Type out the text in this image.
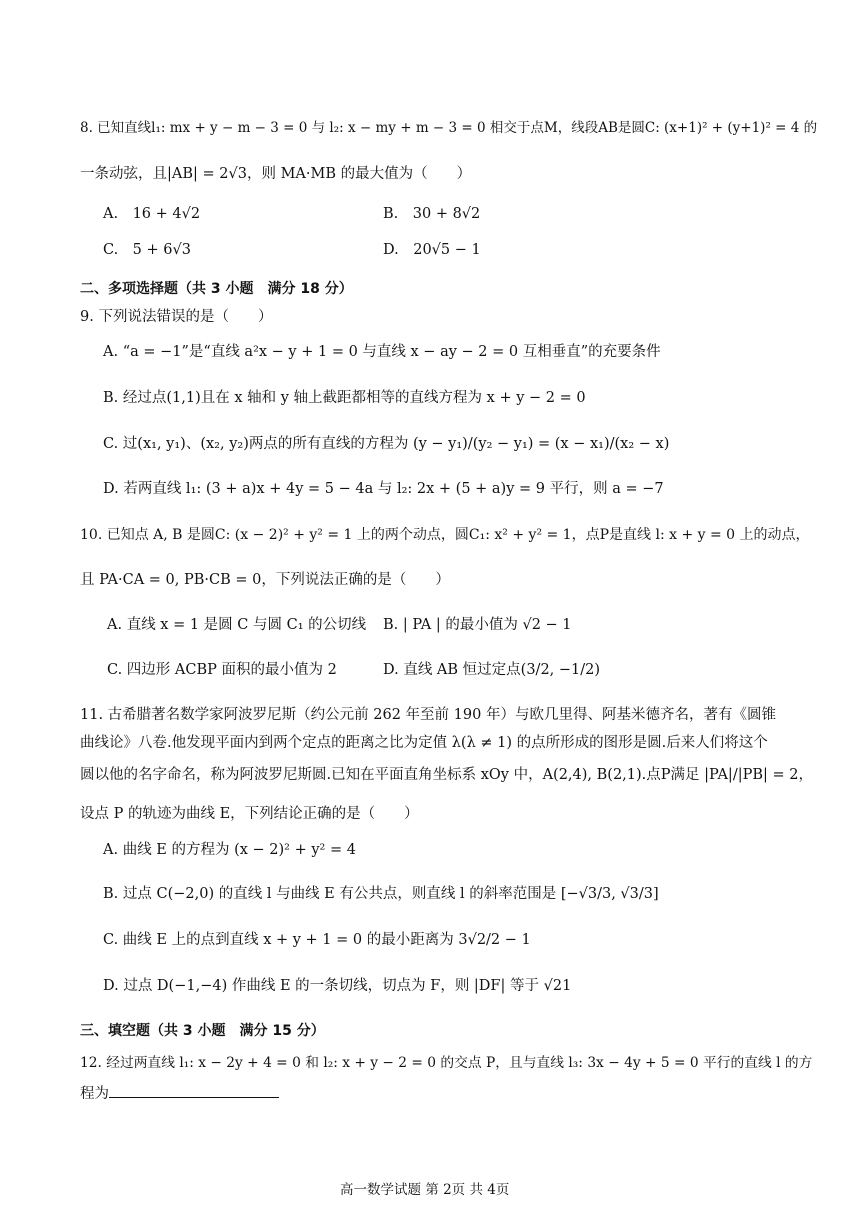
8. 已知直线l₁: mx + y − m − 3 = 0 与 l₂: x − my + m − 3 = 0 相交于点M，线段AB是圆C: (x+1)² + (y+1)² = 4 的
一条动弦，且|AB| = 2√3，则 MA·MB 的最大值为（　　）
A.　16 + 4√2	B.　30 + 8√2
C.　5 + 6√3	D.　20√5 − 1
二、多项选择题（共 3 小题　满分 18 分）
9. 下列说法错误的是（　　）
A. “a = −1”是“直线 a²x − y + 1 = 0 与直线 x − ay − 2 = 0 互相垂直”的充要条件
B. 经过点(1,1)且在 x 轴和 y 轴上截距都相等的直线方程为 x + y − 2 = 0
C. 过(x₁, y₁)、(x₂, y₂)两点的所有直线的方程为 (y − y₁)/(y₂ − y₁) = (x − x₁)/(x₂ − x)
D. 若两直线 l₁: (3 + a)x + 4y = 5 − 4a 与 l₂: 2x + (5 + a)y = 9 平行，则 a = −7
10. 已知点 A, B 是圆C: (x − 2)² + y² = 1 上的两个动点，圆C₁: x² + y² = 1，点P是直线 l: x + y = 0 上的动点，
且 PA·CA = 0, PB·CB = 0，下列说法正确的是（　　）
A. 直线 x = 1 是圆 C 与圆 C₁ 的公切线 B. | PA | 的最小值为 √2 − 1
C. 四边形 ACBP 面积的最小值为 2	D. 直线 AB 恒过定点(3/2, −1/2)
11. 古希腊著名数学家阿波罗尼斯（约公元前 262 年至前 190 年）与欧几里得、阿基米德齐名，著有《圆锥
曲线论》八卷.他发现平面内到两个定点的距离之比为定值 λ(λ ≠ 1) 的点所形成的图形是圆.后来人们将这个
圆以他的名字命名，称为阿波罗尼斯圆.已知在平面直角坐标系 xOy 中，A(2,4), B(2,1).点P满足 |PA|/|PB| = 2，
设点 P 的轨迹为曲线 E，下列结论正确的是（　　）
A. 曲线 E 的方程为 (x − 2)² + y² = 4
B. 过点 C(−2,0) 的直线 l 与曲线 E 有公共点，则直线 l 的斜率范围是 [−√3/3, √3/3]
C. 曲线 E 上的点到直线 x + y + 1 = 0 的最小距离为 3√2/2 − 1
D. 过点 D(−1,−4) 作曲线 E 的一条切线，切点为 F，则 |DF| 等于 √21
三、填空题（共 3 小题　满分 15 分）
12. 经过两直线 l₁: x − 2y + 4 = 0 和 l₂: x + y − 2 = 0 的交点 P，且与直线 l₃: 3x − 4y + 5 = 0 平行的直线 l 的方
程为
高一数学试题 第 2页 共 4页
